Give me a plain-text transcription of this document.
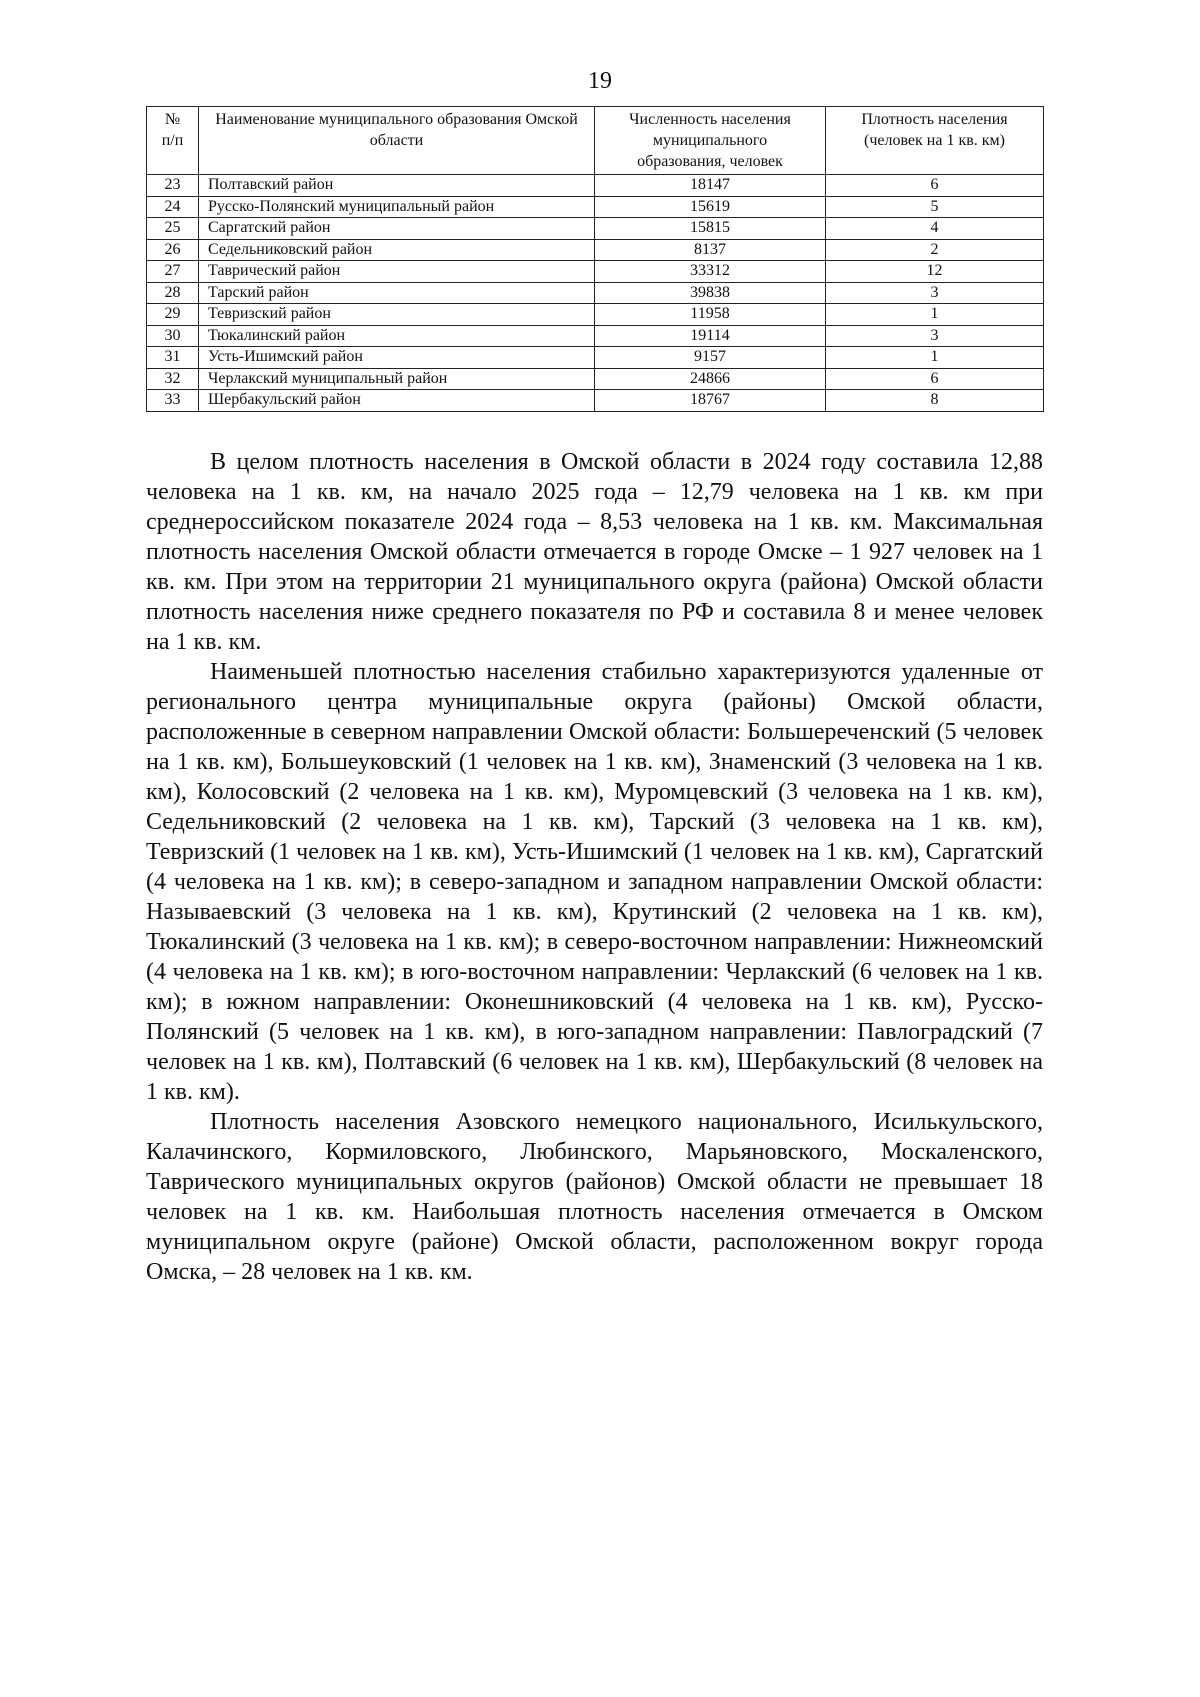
19
№ п/п	Наименование муниципального образования Омской области	Численность населения муниципального образования, человек	Плотность населения (человек на 1 кв. км)
23	Полтавский район	18147	6
24	Русско-Полянский муниципальный район	15619	5
25	Саргатский район	15815	4
26	Седельниковский район	8137	2
27	Таврический район	33312	12
28	Тарский район	39838	3
29	Тевризский район	11958	1
30	Тюкалинский район	19114	3
31	Усть-Ишимский район	9157	1
32	Черлакский муниципальный район	24866	6
33	Шербакульский район	18767	8

В целом плотность населения в Омской области в 2024 году составила 12,88 человека на 1 кв. км, на начало 2025 года – 12,79 человека на 1 кв. км при среднероссийском показателе 2024 года – 8,53 человека на 1 кв. км. Максимальная плотность населения Омской области отмечается в городе Омске – 1 927 человек на 1 кв. км. При этом на территории 21 муниципального округа (района) Омской области плотность населения ниже среднего показателя по РФ и составила 8 и менее человек на 1 кв. км.

Наименьшей плотностью населения стабильно характеризуются удаленные от регионального центра муниципальные округа (районы) Омской области, расположенные в северном направлении Омской области: Большереченский (5 человек на 1 кв. км), Большеуковский (1 человек на 1 кв. км), Знаменский (3 человека на 1 кв. км), Колосовский (2 человека на 1 кв. км), Муромцевский (3 человека на 1 кв. км), Седельниковский (2 человека на 1 кв. км), Тарский (3 человека на 1 кв. км), Тевризский (1 человек на 1 кв. км), Усть-Ишимский (1 человек на 1 кв. км), Саргатский (4 человека на 1 кв. км); в северо-западном и западном направлении Омской области: Называевский (3 человека на 1 кв. км), Крутинский (2 человека на 1 кв. км), Тюкалинский (3 человека на 1 кв. км); в северо-восточном направлении: Нижнеомский (4 человека на 1 кв. км); в юго-восточном направлении: Черлакский (6 человек на 1 кв. км); в южном направлении: Оконешниковский (4 человека на 1 кв. км), Русско-Полянский (5 человек на 1 кв. км), в юго-западном направлении: Павлоградский (7 человек на 1 кв. км), Полтавский (6 человек на 1 кв. км), Шербакульский (8 человек на 1 кв. км).

Плотность населения Азовского немецкого национального, Исилькульского, Калачинского, Кормиловского, Любинского, Марьяновского, Москаленского, Таврического муниципальных округов (районов) Омской области не превышает 18 человек на 1 кв. км. Наибольшая плотность населения отмечается в Омском муниципальном округе (районе) Омской области, расположенном вокруг города Омска, – 28 человек на 1 кв. км.
